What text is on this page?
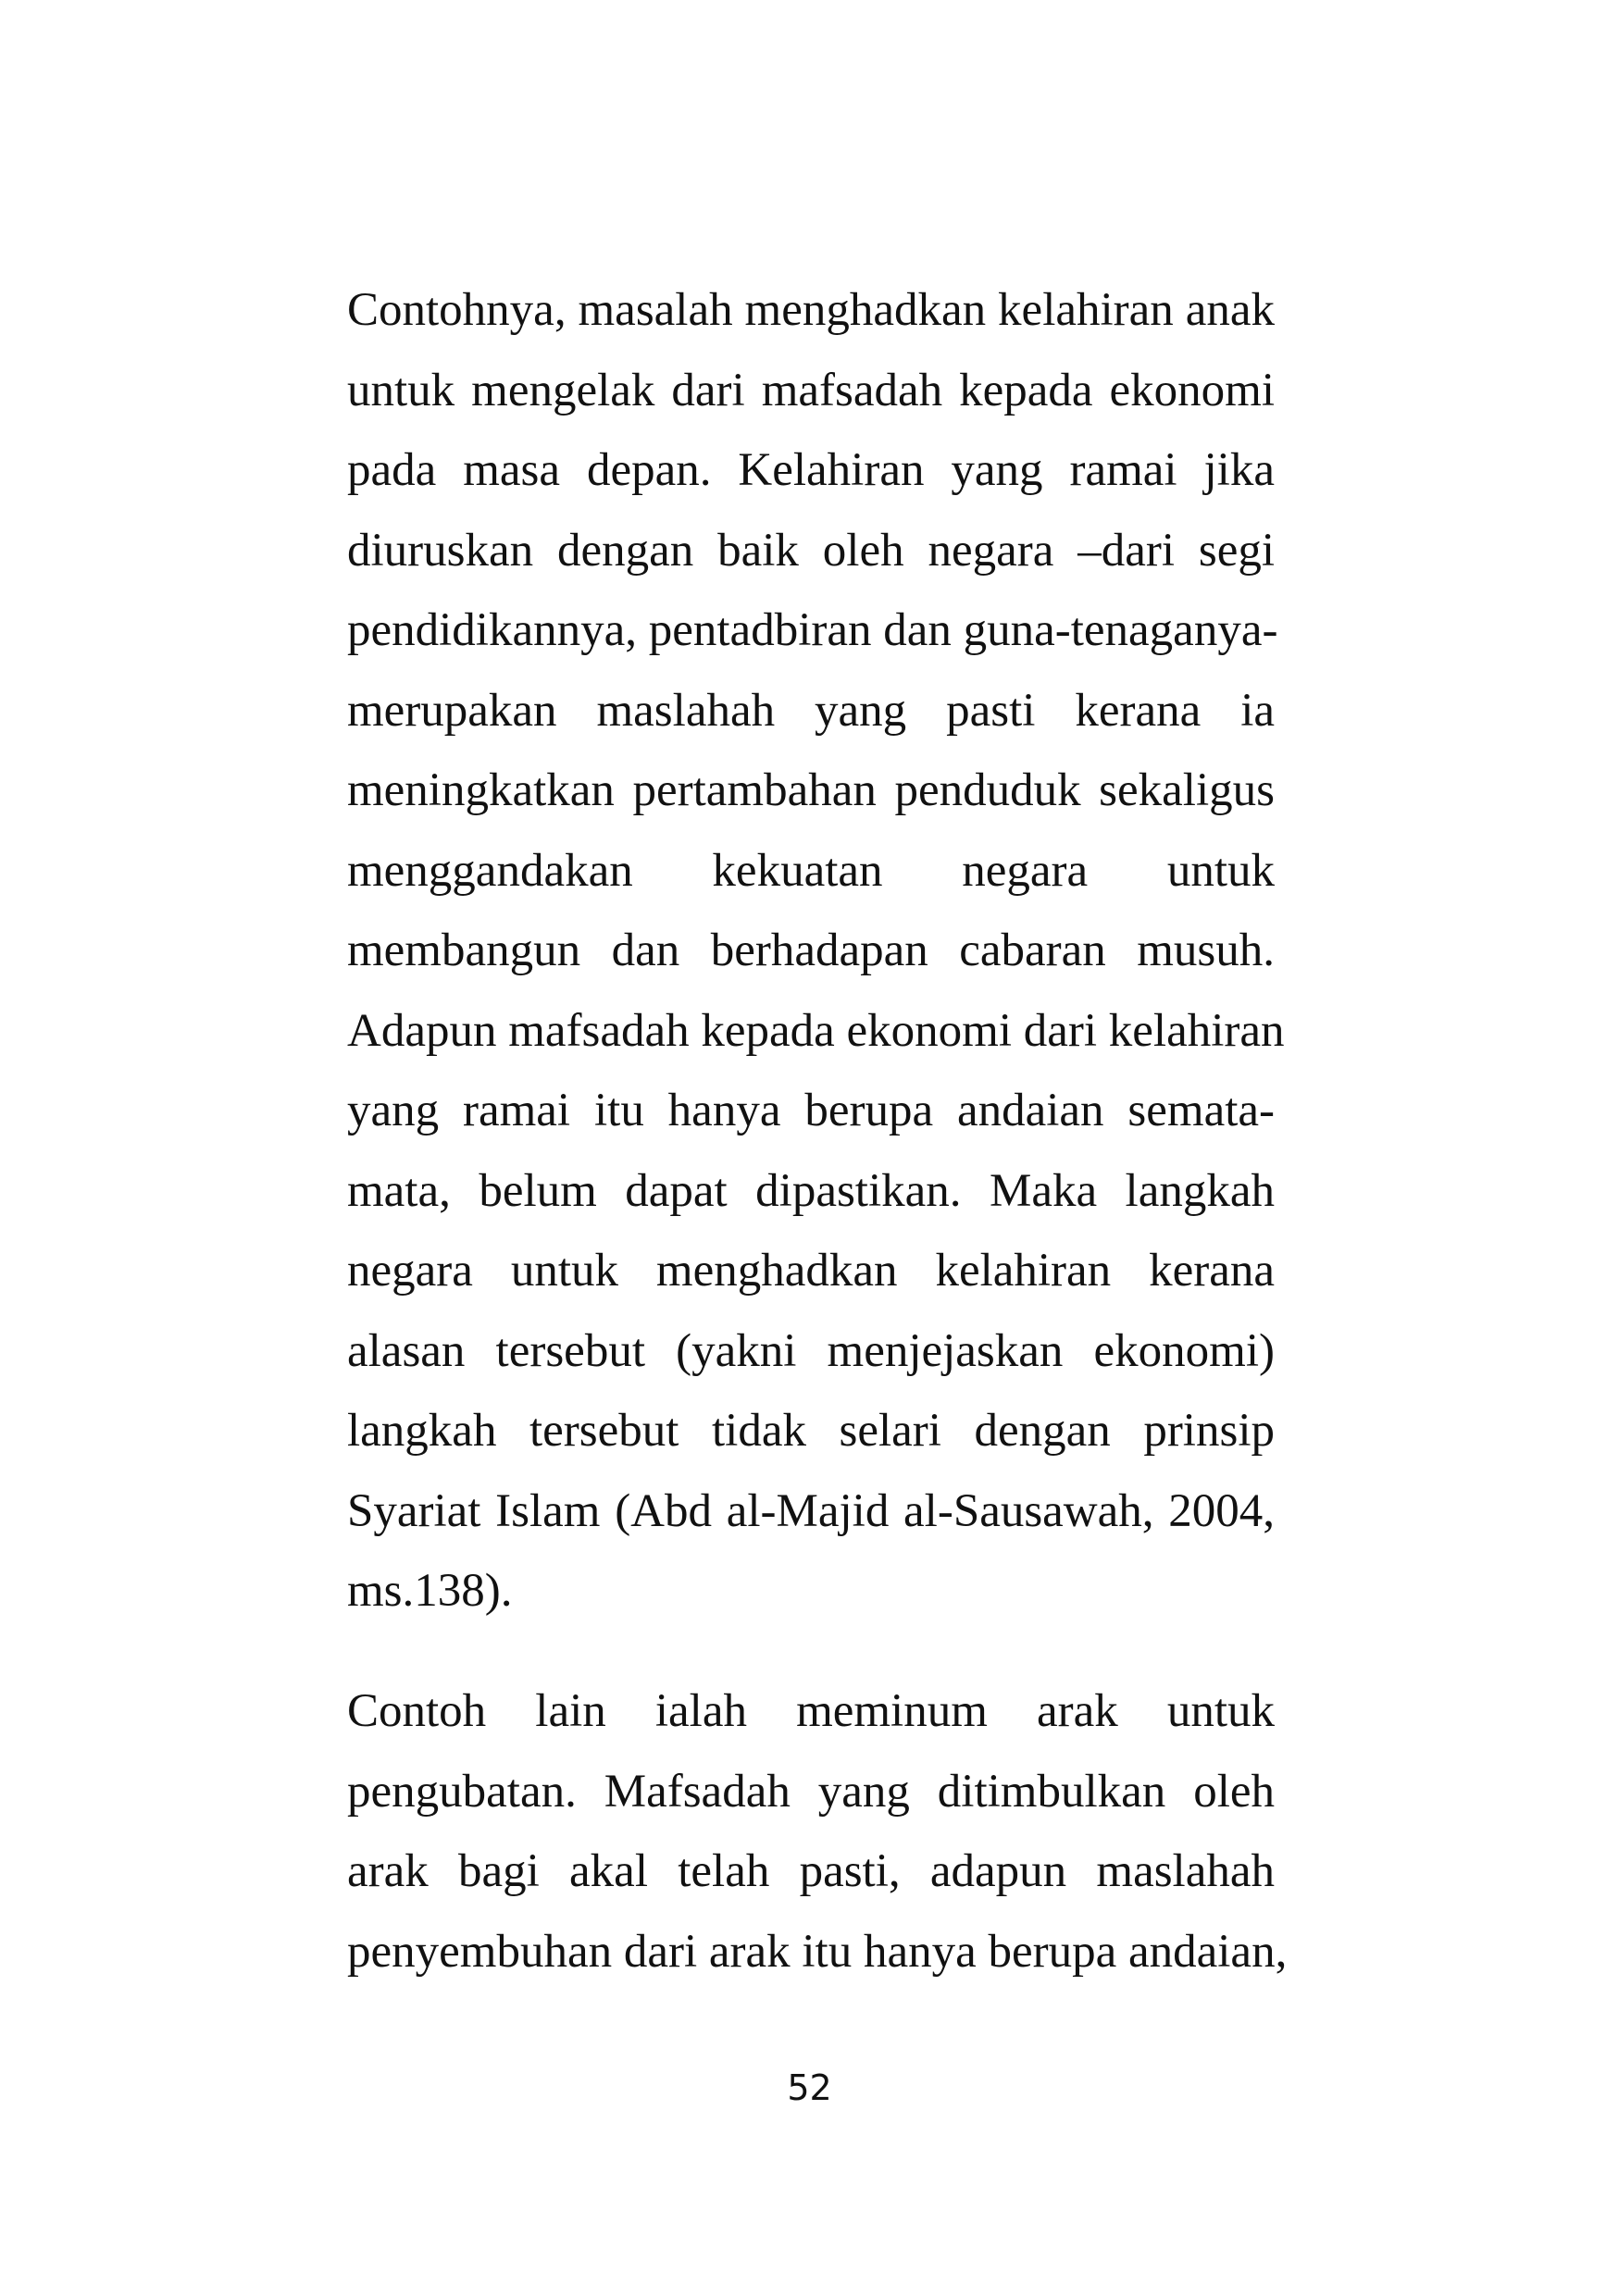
Contohnya, masalah menghadkan kelahiran anak
untuk mengelak dari mafsadah kepada ekonomi
pada masa depan. Kelahiran yang ramai jika
diuruskan dengan baik oleh negara –dari segi
pendidikannya, pentadbiran dan guna-tenaganya-
merupakan maslahah yang pasti kerana ia
meningkatkan pertambahan penduduk sekaligus
menggandakan kekuatan negara untuk
membangun dan berhadapan cabaran musuh.
Adapun mafsadah kepada ekonomi dari kelahiran
yang ramai itu hanya berupa andaian semata-
mata, belum dapat dipastikan. Maka langkah
negara untuk menghadkan kelahiran kerana
alasan tersebut (yakni menjejaskan ekonomi)
langkah tersebut tidak selari dengan prinsip
Syariat Islam (Abd al-Majid al-Sausawah, 2004,
ms.138).
Contoh lain ialah meminum arak untuk
pengubatan. Mafsadah yang ditimbulkan oleh
arak bagi akal telah pasti, adapun maslahah
penyembuhan dari arak itu hanya berupa andaian,
52
